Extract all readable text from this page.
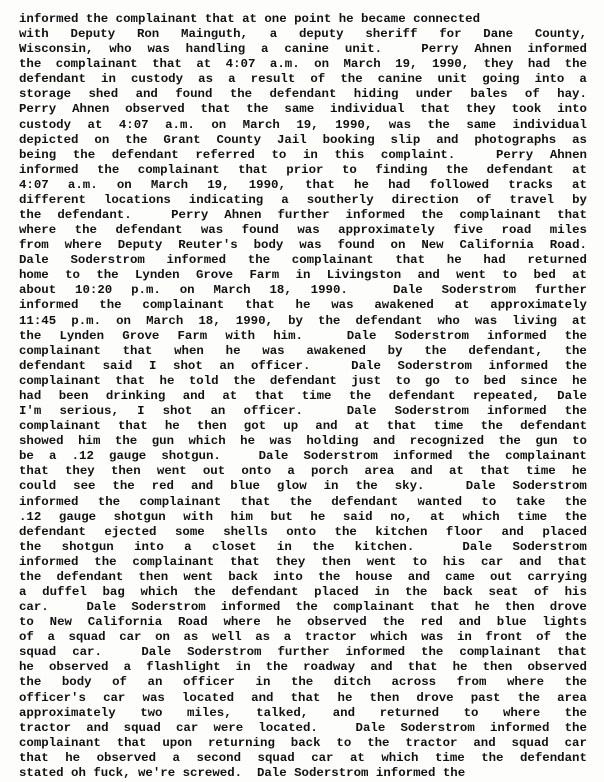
informed the complainant that at one point he became connected
with Deputy Ron Mainguth, a deputy sheriff for Dane County,
Wisconsin, who was handling a canine unit.
	Perry Ahnen informed
the complainant that at 4:07 a.m. on March 19, 1990, they had the
defendant in custody as a result of the canine unit going into a
storage shed and found the defendant hiding under bales of hay.
Perry Ahnen observed that the same individual that they took into
custody at 4:07 a.m. on March 19, 1990, was the same individual
depicted on the Grant County Jail booking slip and photographs as
being the defendant referred to in this complaint.
	Perry Ahnen
informed the complainant that prior to finding the defendant at
4:07 a.m. on March 19, 1990, that he had followed tracks at
different locations indicating a southerly direction of travel by
the defendant.
	Perry Ahnen further informed the complainant that
where the defendant was found was approximately five road miles
from where Deputy Reuter's body was found on New California Road.
Dale Soderstrom informed the complainant that he had returned
home to the Lynden Grove Farm in Livingston and went to bed at
about 10:20 p.m. on March 18, 1990.
	Dale Soderstrom further
informed the complainant that he was awakened at approximately
11:45 p.m. on March 18, 1990, by the defendant who was living at
the Lynden Grove Farm with him.
	Dale Soderstrom informed the
complainant that when he was awakened by the defendant, the
defendant said I shot an officer.
	Dale Soderstrom informed the
complainant that he told the defendant just to go to bed since he
had been drinking and at that time the defendant repeated, Dale
I'm serious, I shot an officer.
	Dale Soderstrom informed the
complainant that he then got up and at that time the defendant
showed him the gun which he was holding and recognized the gun to
be a .12 gauge shotgun.
	Dale Soderstrom informed the complainant
that they then went out onto a porch area and at that time he
could see the red and blue glow in the sky.
	Dale Soderstrom
informed the complainant that the defendant wanted to take the
.12 gauge shotgun with him but he said no, at which time the
defendant ejected some shells onto the kitchen floor and placed
the shotgun into a closet in the kitchen.
	Dale Soderstrom
informed the complainant that they then went to his car and that
the defendant then went back into the house and came out carrying
a duffel bag which the defendant placed in the back seat of his
car.
	Dale Soderstrom informed the complainant that he then drove
to New California Road where he observed the red and blue lights
of a squad car on as well as a tractor which was in front of the
squad car.
	Dale Soderstrom further informed the complainant that
he observed a flashlight in the roadway and that he then observed
the body of an officer in the ditch across from where the
officer's car was located and that he then drove past the area
approximately two miles, talked, and returned to where the
tractor and squad car were located.
	Dale Soderstrom informed the
complainant that upon returning back to the tractor and squad car
that he observed a second squad car at which time the defendant
stated oh fuck, we're screwed.  Dale Soderstrom informed the
